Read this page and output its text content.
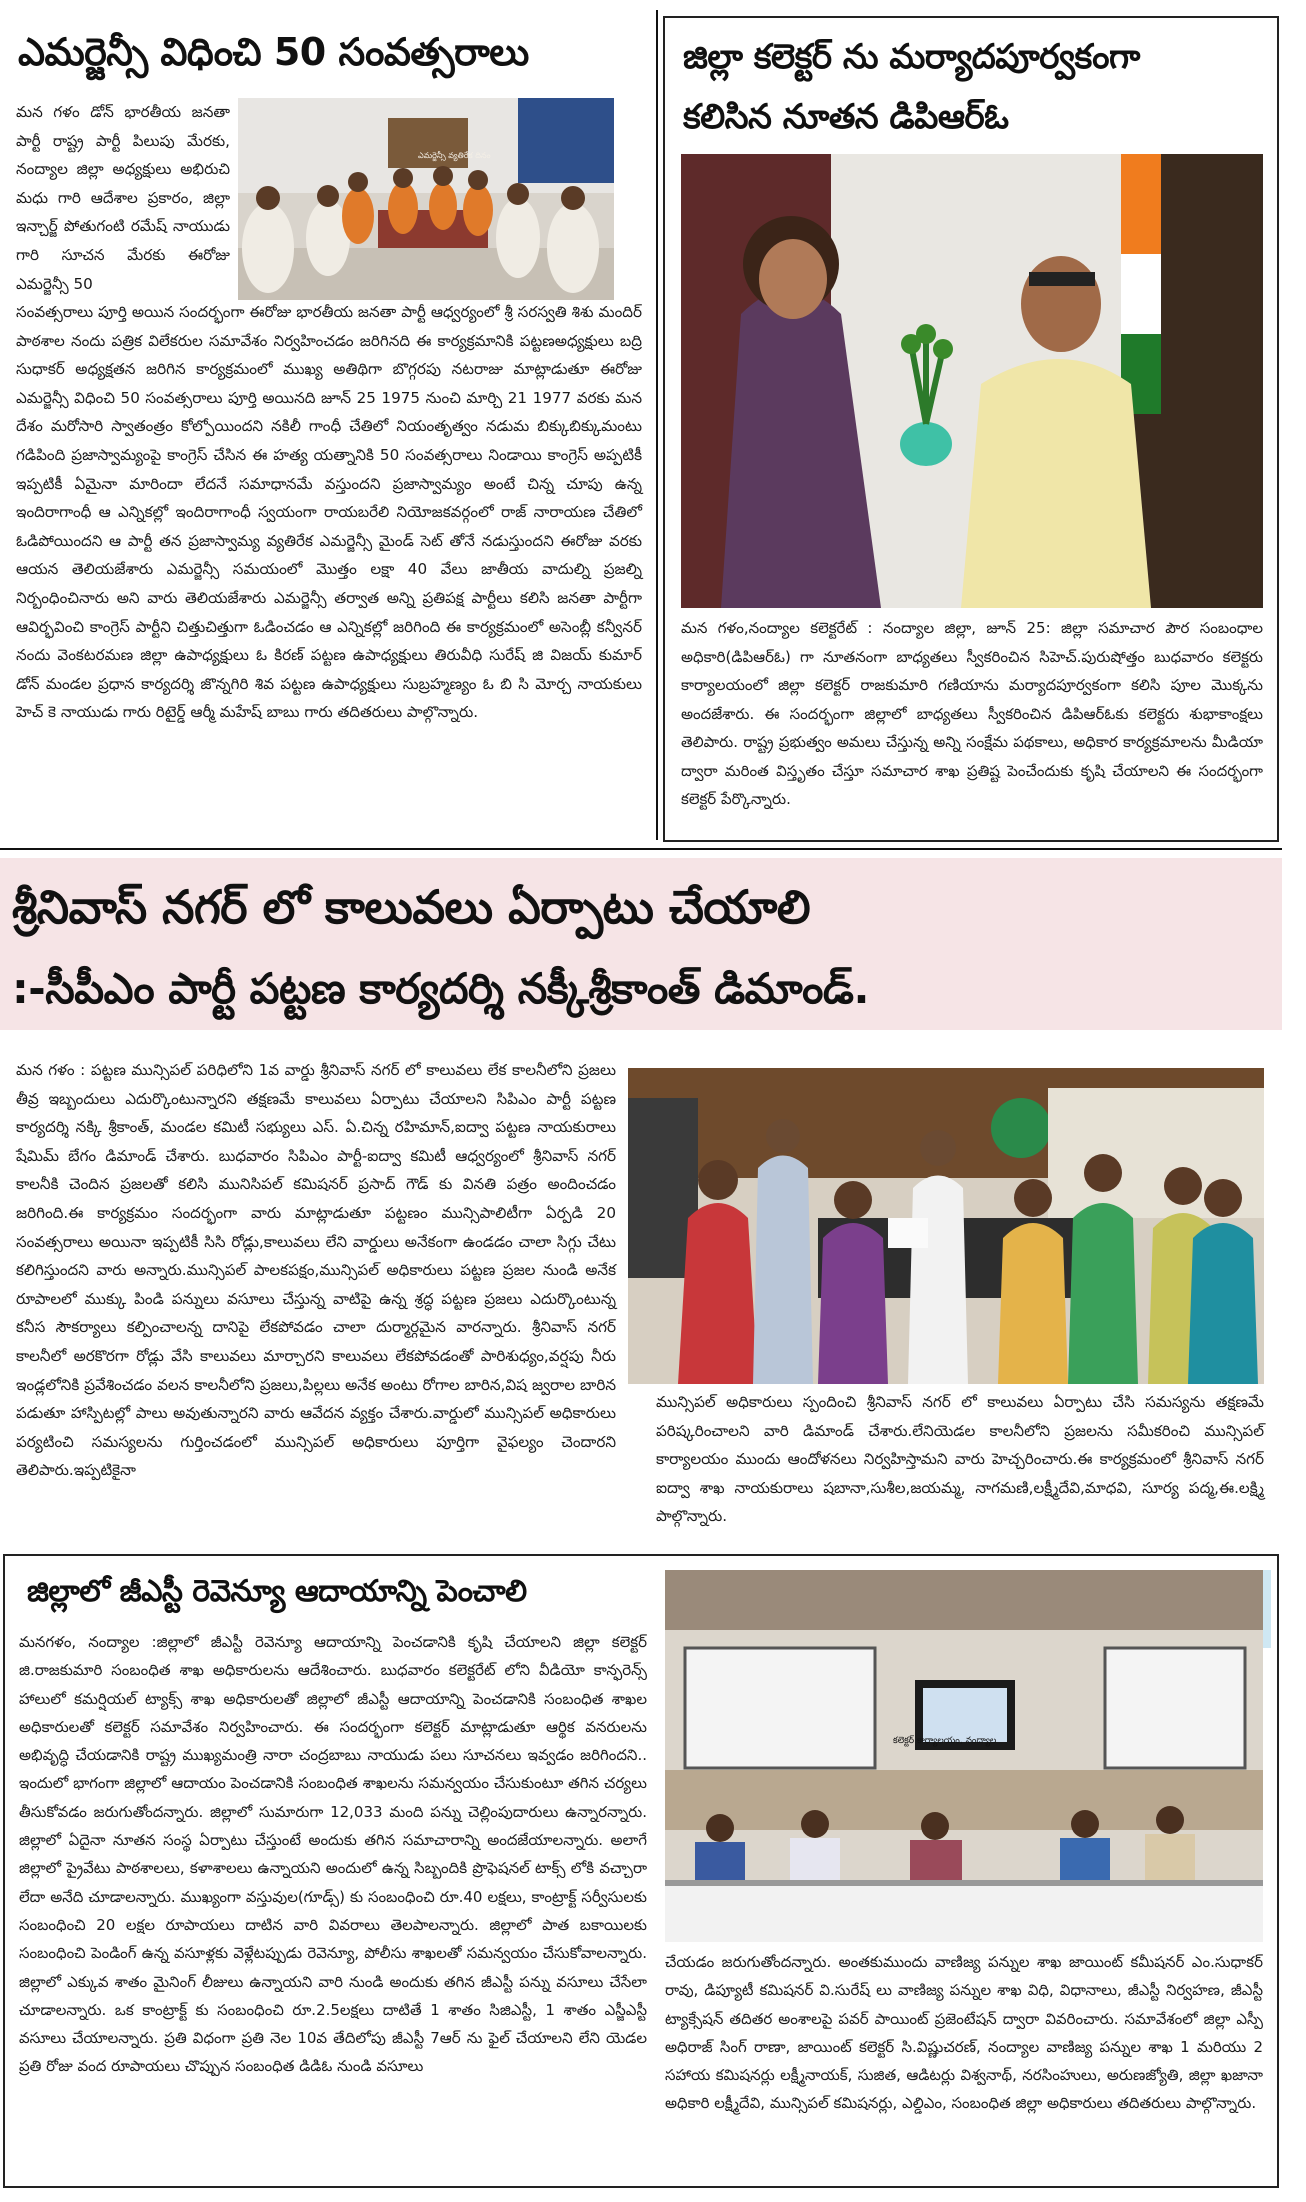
ఎమర్జెన్సీ విధించి 50 సంవత్సరాలు
ఎమర్జెన్సీ వ్యతిరేక దినం
మన గళం డోన్ భారతీయ జనతా పార్టీ రాష్ట్ర పార్టీ పిలుపు మేరకు, నంద్యాల జిల్లా అధ్యక్షులు అభిరుచి మధు గారి ఆదేశాల ప్రకారం, జిల్లా ఇన్చార్జ్ పోతుగంటి రమేష్ నాయుడు గారి సూచన మేరకు ఈరోజు ఎమర్జెన్సీ 50
సంవత్సరాలు పూర్తి అయిన సందర్భంగా ఈరోజు భారతీయ జనతా పార్టీ ఆధ్వర్యంలో శ్రీ సరస్వతి శిశు మందిర్ పాఠశాల నందు పత్రిక విలేకరుల సమావేశం నిర్వహించడం జరిగినది ఈ కార్యక్రమానికి పట్టణఅధ్యక్షులు బద్రి సుధాకర్ అధ్యక్షతన జరిగిన కార్యక్రమంలో ముఖ్య అతిథిగా బొగ్గరపు నటరాజు మాట్లాడుతూ ఈరోజు ఎమర్జెన్సీ విధించి 50 సంవత్సరాలు పూర్తి అయినది జూన్ 25 1975 నుంచి మార్చి 21 1977 వరకు మన దేశం మరోసారి స్వాతంత్రం కోల్పోయిందని నకిలీ గాంధీ చేతిలో నియంతృత్వం నడుమ బిక్కుబిక్కుమంటు గడిపింది ప్రజాస్వామ్యంపై కాంగ్రెస్ చేసిన ఈ హత్య యత్నానికి 50 సంవత్సరాలు నిండాయి కాంగ్రెస్ అప్పటికీ ఇప్పటికీ ఏమైనా మారిందా లేదనే సమాధానమే వస్తుందని ప్రజాస్వామ్యం అంటే చిన్న చూపు ఉన్న ఇందిరాగాంధీ ఆ ఎన్నికల్లో ఇందిరాగాంధీ స్వయంగా రాయబరేలి నియోజకవర్గంలో రాజ్ నారాయణ చేతిలో ఓడిపోయిందని ఆ పార్టీ తన ప్రజాస్వామ్య వ్యతిరేక ఎమర్జెన్సీ మైండ్ సెట్ తోనే నడుస్తుందని ఈరోజు వరకు ఆయన తెలియజేశారు ఎమర్జెన్సీ సమయంలో మొత్తం లక్షా 40 వేలు జాతీయ వాదుల్ని ప్రజల్ని నిర్బంధించినారు అని వారు తెలియజేశారు ఎమర్జెన్సీ తర్వాత అన్ని ప్రతిపక్ష పార్టీలు కలిసి జనతా పార్టీగా ఆవిర్భవించి కాంగ్రెస్ పార్టీని చిత్తుచిత్తుగా ఓడించడం ఆ ఎన్నికల్లో జరిగింది ఈ కార్యక్రమంలో అసెంబ్లీ కన్వీనర్ నందు వెంకటరమణ జిల్లా ఉపాధ్యక్షులు ఓ కిరణ్ పట్టణ ఉపాధ్యక్షులు తిరువీధి సురేష్ జి విజయ్ కుమార్ డోన్ మండల ప్రధాన కార్యదర్శి జొన్నగిరి శివ పట్టణ ఉపాధ్యక్షులు సుబ్రహ్మణ్యం ఓ బి సి మోర్చ నాయకులు హెచ్ కె నాయుడు గారు రిటైర్డ్ ఆర్మీ మహేష్ బాబు గారు తదితరులు పాల్గొన్నారు.
జిల్లా కలెక్టర్ ను మర్యాదపూర్వకంగా
కలిసిన నూతన డిపిఆర్ఓ
మన గళం,నంద్యాల కలెక్టరేట్ : నంద్యాల జిల్లా, జూన్ 25: జిల్లా సమాచార పౌర సంబంధాల అధికారి(డిపిఆర్ఓ) గా నూతనంగా బాధ్యతలు స్వీకరించిన సిహెచ్.పురుషోత్తం బుధవారం కలెక్టరు కార్యాలయంలో జిల్లా కలెక్టర్ రాజకుమారి గణియాను మర్యాదపూర్వకంగా కలిసి పూల మొక్కను అందజేశారు. ఈ సందర్భంగా జిల్లాలో బాధ్యతలు స్వీకరించిన డిపిఆర్ఓకు కలెక్టరు శుభాకాంక్షలు తెలిపారు. రాష్ట్ర ప్రభుత్వం అమలు చేస్తున్న అన్ని సంక్షేమ పథకాలు, అధికార కార్యక్రమాలను మీడియా ద్వారా మరింత విస్తృతం చేస్తూ సమాచార శాఖ ప్రతిష్ట పెంచేందుకు కృషి చేయాలని ఈ సందర్భంగా కలెక్టర్ పేర్కొన్నారు.
శ్రీనివాస్ నగర్ లో కాలువలు ఏర్పాటు చేయాలి
:-సీపీఎం పార్టీ పట్టణ కార్యదర్శి నక్కీశ్రీకాంత్ డిమాండ్.
మన గళం : పట్టణ మున్సిపల్ పరిధిలోని 1వ వార్డు శ్రీనివాస్ నగర్ లో కాలువలు లేక కాలనీలోని ప్రజలు తీవ్ర ఇబ్బందులు ఎదుర్కొంటున్నారని తక్షణమే కాలువలు ఏర్పాటు చేయాలని సిపిఎం పార్టీ పట్టణ కార్యదర్శి నక్కి శ్రీకాంత్, మండల కమిటీ సభ్యులు ఎస్. ఏ.చిన్న రహిమాన్,ఐద్వా పట్టణ నాయకురాలు షేమిమ్ బేగం డిమాండ్ చేశారు. బుధవారం సిపిఎం పార్టీ-ఐద్వా కమిటీ ఆధ్వర్యంలో శ్రీనివాస్ నగర్ కాలనీకి చెందిన ప్రజలతో కలిసి మునిసిపల్ కమిషనర్ ప్రసాద్ గౌడ్ కు వినతి పత్రం అందించడం జరిగింది.ఈ కార్యక్రమం సందర్భంగా వారు మాట్లాడుతూ పట్టణం మున్సిపాలిటీగా ఏర్పడి 20 సంవత్సరాలు అయినా ఇప్పటికీ సిసి రోడ్లు,కాలువలు లేని వార్డులు అనేకంగా ఉండడం చాలా సిగ్గు చేటు కలిగిస్తుందని వారు అన్నారు.మున్సిపల్ పాలకపక్షం,మున్సిపల్ అధికారులు పట్టణ ప్రజల నుండి అనేక రూపాలలో ముక్కు పిండి పన్నులు వసూలు చేస్తున్న వాటిపై ఉన్న శ్రద్ధ పట్టణ ప్రజలు ఎదుర్కొంటున్న కనీస సౌకర్యాలు కల్పించాలన్న దానిపై లేకపోవడం చాలా దుర్మార్గమైన వారన్నారు. శ్రీనివాస్ నగర్ కాలనీలో అరకొరగా రోడ్లు వేసి కాలువలు మార్చారని కాలువలు లేకపోవడంతో పారిశుధ్యం,వర్షపు నీరు ఇండ్లలోనికి ప్రవేశించడం వలన కాలనీలోని ప్రజలు,పిల్లలు అనేక అంటు రోగాల బారిన,విష జ్వరాల బారిన పడుతూ హాస్పిటల్లో పాలు అవుతున్నారని వారు ఆవేదన వ్యక్తం చేశారు.వార్డులో మున్సిపల్ అధికారులు పర్యటించి సమస్యలను గుర్తించడంలో మున్సిపల్ అధికారులు పూర్తిగా వైఫల్యం చెందారని తెలిపారు.ఇప్పటికైనా
మున్సిపల్ అధికారులు స్పందించి శ్రీనివాస్ నగర్ లో కాలువలు ఏర్పాటు చేసి సమస్యను తక్షణమే పరిష్కరించాలని వారి డిమాండ్ చేశారు.లేనియెడల కాలనీలోని ప్రజలను సమీకరించి మున్సిపల్ కార్యాలయం ముందు ఆందోళనలు నిర్వహిస్తామని వారు హెచ్చరించారు.ఈ కార్యక్రమంలో శ్రీనివాస్ నగర్ ఐద్వా శాఖ నాయకురాలు షబానా,సుశీల,జయమ్మ, నాగమణి,లక్ష్మీదేవి,మాధవి, సూర్య పద్మ,ఈ.లక్ష్మి పాల్గొన్నారు.
జిల్లాలో జీఎస్టీ రెవెన్యూ ఆదాయాన్ని పెంచాలి
కలెక్టర్ కార్యాలయం, నంద్యాల
మనగళం, నంద్యాల :జిల్లాలో జీఎస్టీ రెవెన్యూ ఆదాయాన్ని పెంచడానికి కృషి చేయాలని జిల్లా కలెక్టర్ జి.రాజకుమారి సంబంధిత శాఖ అధికారులను ఆదేశించారు. బుధవారం కలెక్టరేట్ లోని వీడియో కాన్ఫరెన్స్ హాలులో కమర్షియల్ ట్యాక్స్ శాఖ అధికారులతో జిల్లాలో జీఎస్టీ ఆదాయాన్ని పెంచడానికి సంబంధిత శాఖల అధికారులతో కలెక్టర్ సమావేశం నిర్వహించారు. ఈ సందర్భంగా కలెక్టర్ మాట్లాడుతూ ఆర్థిక వనరులను అభివృద్ధి చేయడానికి రాష్ట్ర ముఖ్యమంత్రి నారా చంద్రబాబు నాయుడు పలు సూచనలు ఇవ్వడం జరిగిందని.. ఇందులో భాగంగా జిల్లాలో ఆదాయం పెంచడానికి సంబంధిత శాఖలను సమన్వయం చేసుకుంటూ తగిన చర్యలు తీసుకోవడం జరుగుతోందన్నారు. జిల్లాలో సుమారుగా 12,033 మంది పన్ను చెల్లింపుదారులు ఉన్నారన్నారు. జిల్లాలో ఏదైనా నూతన సంస్థ ఏర్పాటు చేస్తుంటే అందుకు తగిన సమాచారాన్ని అందజేయాలన్నారు. అలాగే జిల్లాలో ప్రైవేటు పాఠశాలలు, కళాశాలలు ఉన్నాయని అందులో ఉన్న సిబ్బందికి ప్రొఫెషనల్ టాక్స్ లోకి వచ్చారా లేదా అనేది చూడాలన్నారు. ముఖ్యంగా వస్తువుల(గూడ్స్) కు సంబంధించి రూ.40 లక్షలు, కాంట్రాక్ట్ సర్వీసులకు సంబంధించి 20 లక్షల రూపాయలు దాటిన వారి వివరాలు తెలపాలన్నారు. జిల్లాలో పాత బకాయిలకు సంబంధించి పెండింగ్ ఉన్న వసూళ్లకు వెళ్లేటప్పుడు రెవెన్యూ, పోలీసు శాఖలతో సమన్వయం చేసుకోవాలన్నారు. జిల్లాలో ఎక్కువ శాతం మైనింగ్ లీజులు ఉన్నాయని వారి నుండి అందుకు తగిన జీఎస్టీ పన్ను వసూలు చేసేలా చూడాలన్నారు. ఒక కాంట్రాక్ట్ కు సంబంధించి రూ.2.5లక్షలు దాటితే 1 శాతం సిజిఎస్టీ, 1 శాతం ఎస్జీఎస్టీ వసూలు చేయాలన్నారు. ప్రతి విధంగా ప్రతి నెల 10వ తేదిలోపు జీఎస్టీ 7ఆర్ ను ఫైల్ చేయాలని లేని యెడల ప్రతి రోజు వంద రూపాయలు చొప్పున సంబంధిత డిడిఓ నుండి వసూలు
చేయడం జరుగుతోందన్నారు. అంతకుముందు వాణిజ్య పన్నుల శాఖ జాయింట్ కమీషనర్ ఎం.సుధాకర్ రావు, డిప్యూటీ కమిషనర్ వి.సురేష్ లు వాణిజ్య పన్నుల శాఖ విధి, విధానాలు, జీఎస్టీ నిర్వహణ, జీఎస్టీ ట్యాక్సేషన్ తదితర అంశాలపై పవర్ పాయింట్ ప్రజెంటేషన్ ద్వారా వివరించారు. సమావేశంలో జిల్లా ఎస్పీ అధిరాజ్ సింగ్ రాణా, జాయింట్ కలెక్టర్ సి.విష్ణుచరణ్, నంద్యాల వాణిజ్య పన్నుల శాఖ 1 మరియు 2 సహాయ కమిషనర్లు లక్ష్మీనాయక్, సుజిత, ఆడిటర్లు విశ్వనాథ్, నరసింహులు, అరుణజ్యోతి, జిల్లా ఖజానా అధికారి లక్ష్మీదేవి, మున్సిపల్ కమిషనర్లు, ఎల్డిఎం, సంబంధిత జిల్లా అధికారులు తదితరులు పాల్గొన్నారు.
